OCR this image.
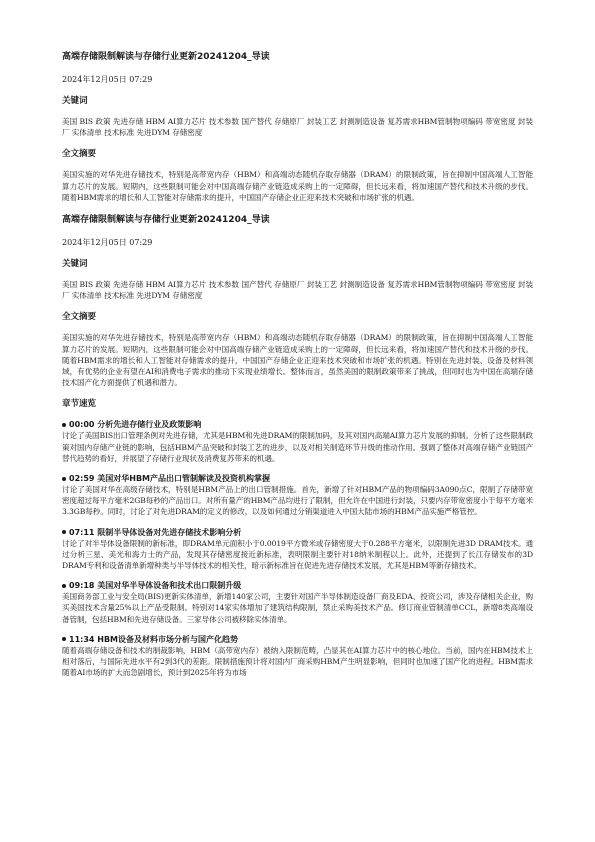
高端存储限制解读与存储行业更新20241204_导读

2024年12月05日 07:29

关键词

美国 BIS 政策 先进存储 HBM AI算力芯片 技术参数 国产替代 存储原厂 封装工艺 封测制造设备 复苏需求HBM管制物项编码 带宽密度 封装厂 实体清单 技术标准 先进DYM 存储密度

全文摘要

美国实施的对华先进存储技术，特别是高带宽内存（HBM）和高端动态随机存取存储器（DRAM）的限制政策，旨在抑制中国高端人工智能算力芯片的发展。短期内，这些限制可能会对中国高端存储产业链造成采购上的一定障碍，但长远来看，将加速国产替代和技术升级的步伐。随着HBM需求的增长和人工智能对存储需求的提升，中国国产存储企业正迎来技术突破和市场扩张的机遇。

高端存储限制解读与存储行业更新20241204_导读

2024年12月05日 07:29

关键词

美国 BIS 政策 先进存储 HBM AI算力芯片 技术参数 国产替代 存储原厂 封装工艺 封测制造设备 复苏需求HBM管制物项编码 带宽密度 封装厂 实体清单 技术标准 先进DYM 存储密度

全文摘要

美国实施的对华先进存储技术，特别是高带宽内存（HBM）和高端动态随机存取存储器（DRAM）的限制政策，旨在抑制中国高端人工智能算力芯片的发展。短期内，这些限制可能会对中国高端存储产业链造成采购上的一定障碍，但长远来看，将加速国产替代和技术升级的步伐。随着HBM需求的增长和人工智能对存储需求的提升，中国国产存储企业正迎来技术突破和市场扩张的机遇。特别在先进封装、设备及材料领域，有优势的企业有望在AI和消费电子需求的推动下实现业绩增长。整体而言，虽然美国的限制政策带来了挑战，但同时也为中国在高端存储技术国产化方面提供了机遇和潜力。

章节速览

00:00 分析先进存储行业及政策影响

讨论了美国BIS出口管理条例对先进存储，尤其是HBM和先进DRAM的限制加码，及其对国内高端AI算力芯片发展的抑制。分析了这些限制政策对国内存储产业链的影响，包括HBM产品突破和封装工艺的进步，以及对相关制造环节升级的推动作用。强调了整体对高端存储产业链国产替代趋势的看好，并展望了存储行业现状及消费复苏带来的机遇。

02:59 美国对华HBM产品出口管制解读及投资机构掌握

讨论了美国对华在高级存储技术，特别是HBM产品上的出口管制措施。首先，新增了针对HBM产品的物项编码3A090点C，限制了存储带宽密度超过每平方毫米2GB每秒的产品出口。对所有量产的HBM产品均进行了限制，但允许在中国进行封装，只要内存带宽密度小于每平方毫米3.3GB每秒。同时，讨论了对先进DRAM的定义的修改，以及如何通过分销渠道进入中国大陆市场的HBM产品实施严格管控。

07:11 限制半导体设备对先进存储技术影响分析

讨论了对半导体设备限制的新标准，即DRAM单元面积小于0.0019平方微米或存储密度大于0.288平方毫米，以限制先进3D DRAM技术。通过分析三星、美光和海力士的产品，发现其存储密度接近新标准，表明限制主要针对18纳米制程以上。此外，还提到了长江存储发布的3D DRAM专利和设备清单新增种类与半导体技术的相关性，暗示新标准旨在促进先进存储技术发展，尤其是HBM等新存储技术。

09:18 美国对华半导体设备和技术出口限制升级

美国商务部工业与安全局(BIS)更新实体清单，新增140家公司，主要针对国产半导体制造设备厂商及EDA、投资公司，涉及存储相关企业，购买美国技术含量25%以上产品受限制。特别对14家实体增加了建筑结构限制，禁止采购美技术产品。修订商业管制清单CCL，新增8类高端设备管制，包括HBM和先进存储设备。三家导体公司被移除实体清单。

11:34 HBM设备及材料市场分析与国产化趋势

随着高端存储设备和技术的制裁影响，HBM（高带宽内存）被纳入限制范畴，凸显其在AI算力芯片中的核心地位。当前，国内在HBM技术上相对落后，与国际先进水平有2到3代的差距。限制措施预计将对国内厂商采购HBM产生明显影响，但同时也加速了国产化的进程。HBM需求随着AI市场的扩大而急剧增长，预计到2025年将为市场
